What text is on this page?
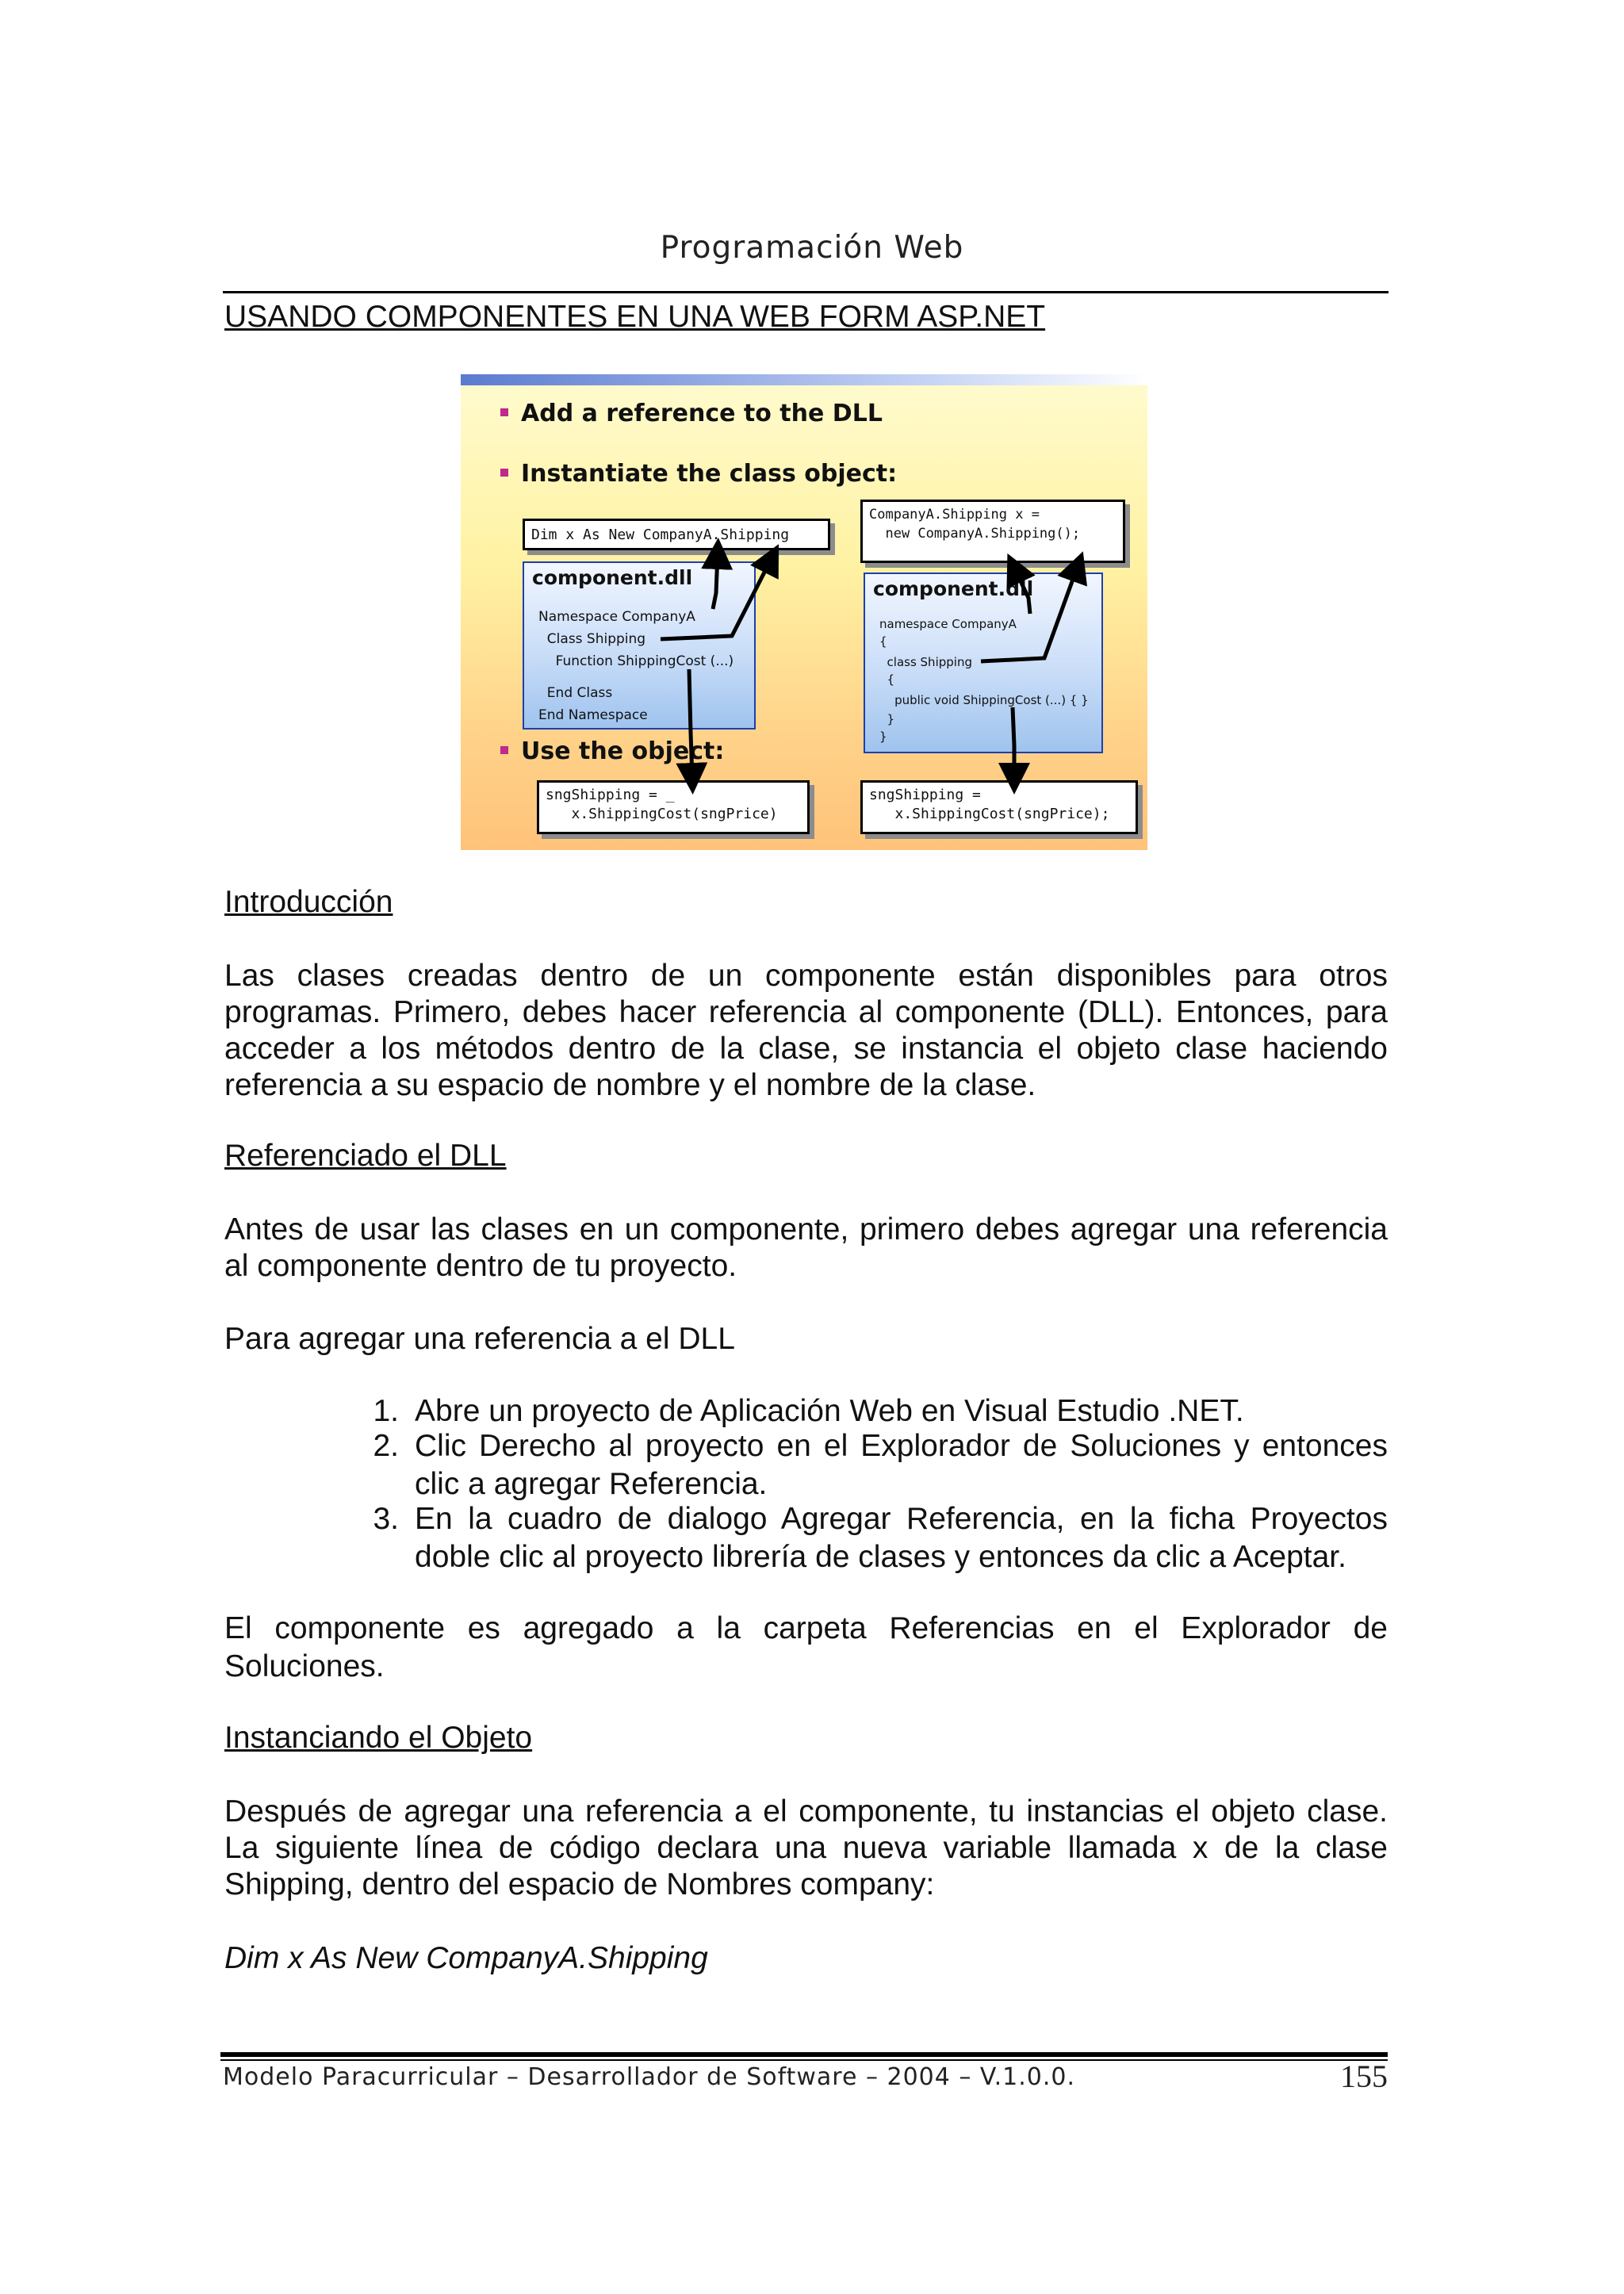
Programación Web
USANDO COMPONENTES EN UNA WEB FORM ASP.NET
Add a reference to the DLL
Instantiate the class object:
Dim x As New CompanyA.Shipping
CompanyA.Shipping x =
new CompanyA.Shipping();
component.dll
Namespace CompanyA
Class Shipping
Function ShippingCost (...)
End Class
End Namespace
component.dll
namespace CompanyA
{
class Shipping
{
public void ShippingCost (...) { }
}
}
Use the object:
sngShipping = _
x.ShippingCost(sngPrice)
sngShipping =
x.ShippingCost(sngPrice);
Introducción
Las clases creadas dentro de un componente están disponibles para otros
programas. Primero, debes hacer referencia al componente (DLL). Entonces, para
acceder a los métodos dentro de la clase, se instancia el objeto clase haciendo
referencia a su espacio de nombre y el nombre de la clase.
Referenciado el DLL
Antes de usar las clases en un componente, primero debes agregar una referencia
al componente dentro de tu proyecto.
Para agregar una referencia a el DLL
1. Abre un proyecto de Aplicación Web en Visual Estudio .NET.
2. Clic Derecho al proyecto en el Explorador de Soluciones y entonces
clic a agregar Referencia.
3. En la cuadro de dialogo Agregar Referencia, en la ficha Proyectos
doble clic al proyecto librería de clases y entonces da clic a Aceptar.
El componente es agregado a la carpeta Referencias en el Explorador de
Soluciones.
Instanciando el Objeto
Después de agregar una referencia a el componente, tu instancias el objeto clase.
La siguiente línea de código declara una nueva variable llamada x de la clase
Shipping, dentro del espacio de Nombres company:
Dim x As New CompanyA.Shipping
Modelo Paracurricular – Desarrollador de Software – 2004 – V.1.0.0.	155
